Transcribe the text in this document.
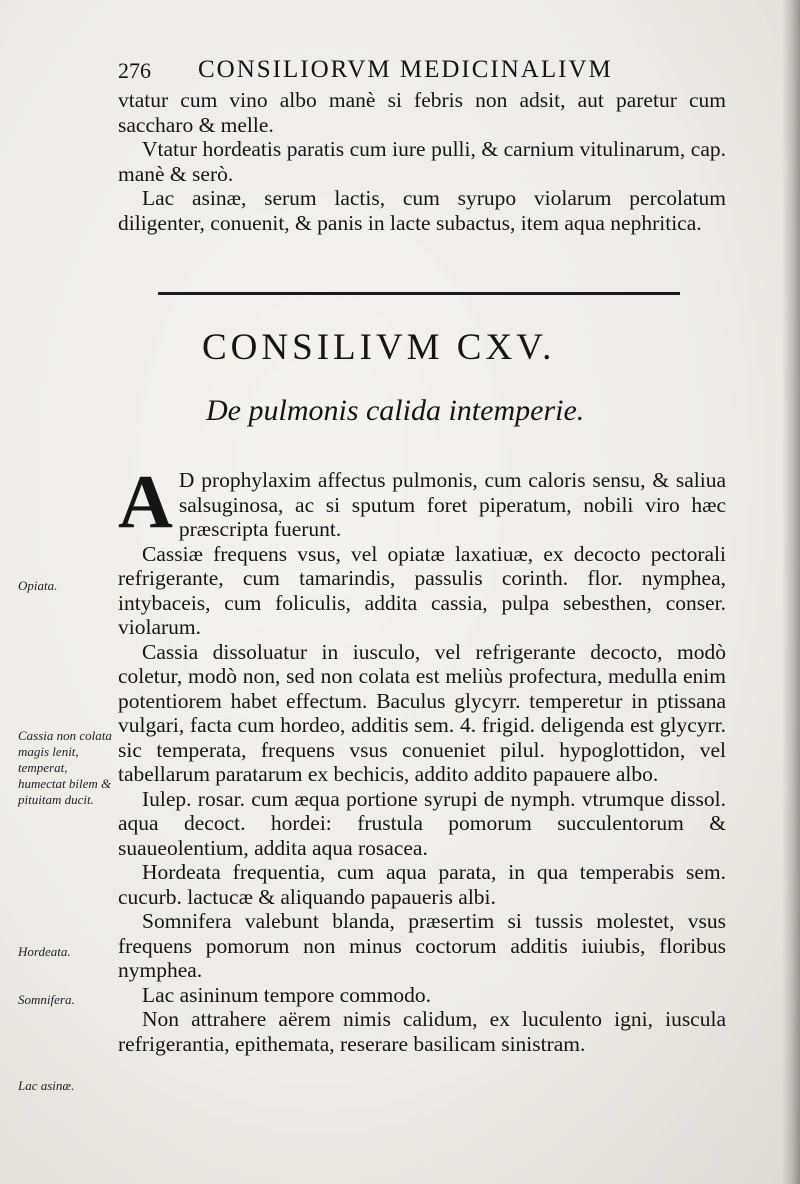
276 CONSILIORVM MEDICINALIVM

vtatur cum vino albo manè si febris non adsit, aut paretur cum saccharo & melle.

Vtatur hordeatis paratis cum iure pulli, & carnium vitulinarum, cap. manè & serò.

Lac asinæ, serum lactis, cum syrupo violarum percolatum diligenter, conuenit, & panis in lacte subactus, item aqua nephritica.

CONSILIVM CXV.
De pulmonis calida intemperie.

A D prophylaxim affectus pulmonis, cum caloris sensu, & saliua salsuginosa, ac si sputum foret piperatum, nobili viro hæc præscripta fuerunt.

Cassiæ frequens vsus, vel opiatæ laxatiuæ, ex decocto pectorali refrigerante, cum tamarindis, passulis corinth. flor. nymphea, intybaceis, cum foliculis, addita cassia, pulpa sebesthen, conser. violarum.

Cassia dissoluatur in iusculo, vel refrigerante decocto, modò coletur, modò non, sed non colata est meliùs profectura, medulla enim potentiorem habet effectum. Baculus glycyrr. temperetur in ptissana vulgari, facta cum hordeo, additis sem. 4. frigid. deligenda est glycyrr. sic temperata, frequens vsus conueniet pilul. hypoglottidon, vel tabellarum paratarum ex bechicis, addito addito papauere albo.

Iulep. rosar. cum æqua portione syrupi de nymph. vtrumque dissol. aqua decoct. hordei: frustula pomorum succulentorum & suaueolentium, addita aqua rosacea.

Hordeata frequentia, cum aqua parata, in qua temperabis sem. cucurb. lactucæ & aliquando papaueris albi.

Somnifera valebunt blanda, præsertim si tussis molestet, vsus frequens pomorum non minus coctorum additis iuiubis, floribus nymphea.

Lac asininum tempore commodo.

Non attrahere aërem nimis calidum, ex luculento igni, iuscula refrigerantia, epithemata, reserare basilicam sinistram.

Opiata.
Cassia non colata magis lenit, temperat, humectat bilem & pituitam ducit.
Hordeata.
Somnifera.
Lac asinæ.
